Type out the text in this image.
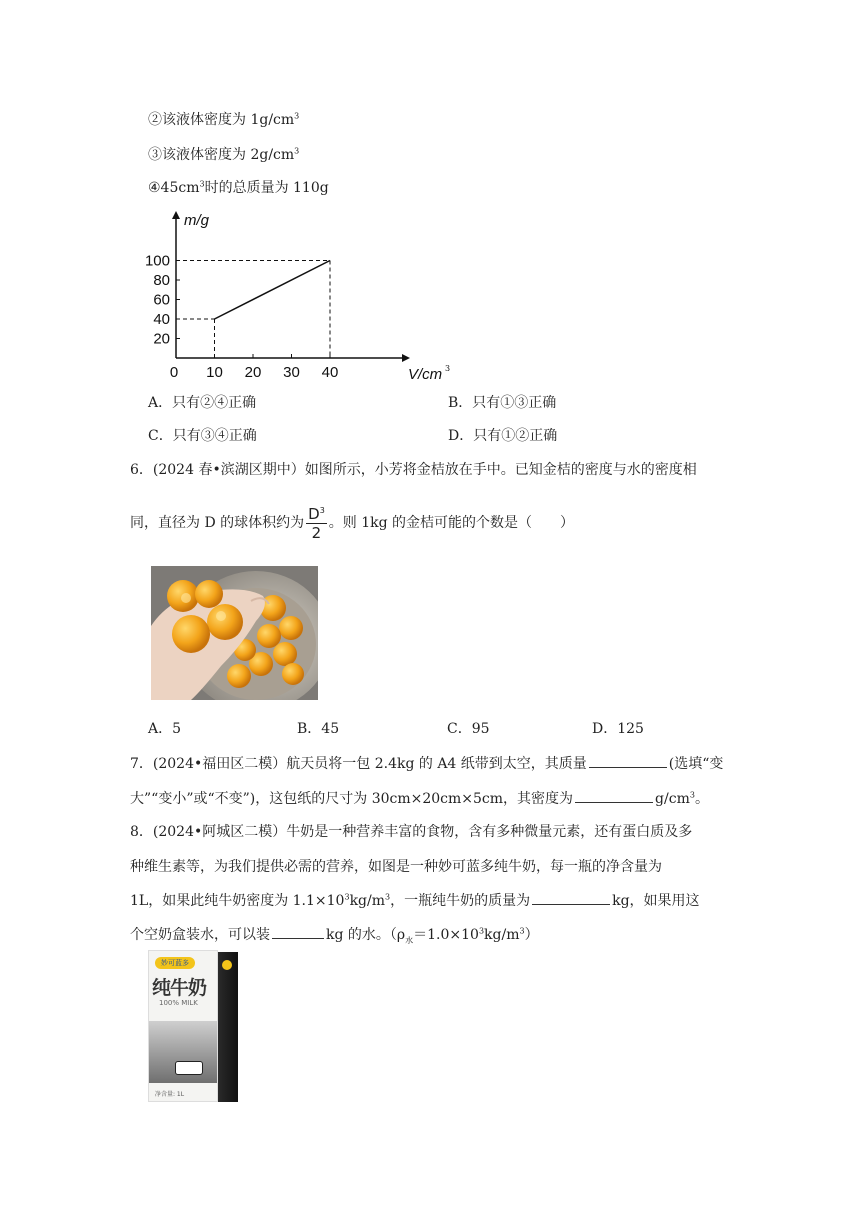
②该液体密度为 $1g/cm^3$
③该液体密度为 $2g/cm^3$
$④45cm^3$时的总质量为 110g
20
40
60
80
100
0 10 20 30 40
m/g
V/cm 3
A．只有②④正确	B．只有①③正确
C．只有③④正确	D．只有①②正确
6．(2024 春•滨湖区期中）如图所示，小芳将金桔放在手中。已知金桔的密度与水的密度相
同，直径为 D 的球体积约为 $\frac{D^3}{2}$ 。则 1kg 的金桔可能的个数是（　　）
A．5	B．45	C．95	D．125
7．(2024•福田区二模）航天员将一包 2.4kg 的 A4 纸带到太空，其质量	(选填“变
大”“变小”或“不变”)，这包纸的尺寸为 30cm×20cm×5cm，其密度为	$g/cm^3$。
8．(2024•阿城区二模）牛奶是一种营养丰富的食物，含有多种微量元素，还有蛋白质及多
种维生素等，为我们提供必需的营养，如图是一种妙可蓝多纯牛奶，每一瓶的净含量为
1L，如果此纯牛奶密度为 $1.1\times 10^3kg/m^3$，一瓶纯牛奶的质量为	kg，如果用这
个空奶盒装水，可以装	kg 的水。$(\rho_水=1.0\times 10^3kg/m^3)$
妙可蓝多
纯牛奶
100% MILK
净含量: 1L
